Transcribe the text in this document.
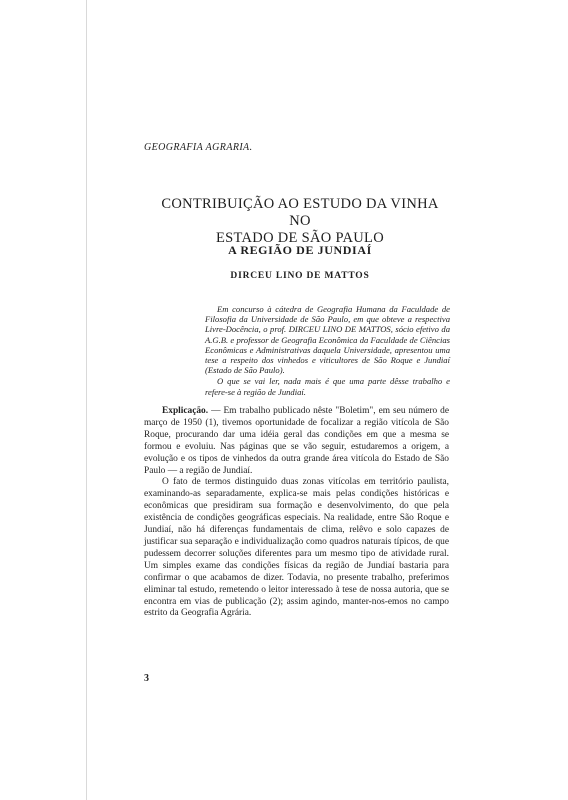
GEOGRAFIA AGRARIA.
CONTRIBUIÇÃO AO ESTUDO DA VINHA NO
ESTADO DE SÃO PAULO
A REGIÃO DE JUNDIAÍ
DIRCEU LINO DE MATTOS

Em concurso à cátedra de Geografia Humana da Faculdade de Filosofia da Universidade de São Paulo, em que obteve a respectiva Livre-Docência, o prof. DIRCEU LINO DE MATTOS, sócio efetivo da A.G.B. e professor de Geografia Econômica da Faculdade de Ciências Econômicas e Administrativas daquela Universidade, apresentou uma tese a respeito dos vinhedos e viticultores de São Roque e Jundiaí (Estado de São Paulo).

O que se vai ler, nada mais é que uma parte dêsse trabalho e refere-se à região de Jundiaí.

Explicação. — Em trabalho publicado nêste "Boletim", em seu número de março de 1950 (1), tivemos oportunidade de focalizar a região vitícola de São Roque, procurando dar uma idéia geral das condições em que a mesma se formou e evoluiu. Nas páginas que se vão seguir, estudaremos a origem, a evolução e os tipos de vinhedos da outra grande área vitícola do Estado de São Paulo — a região de Jundiaí.

O fato de termos distinguido duas zonas vitícolas em território paulista, examinando-as separadamente, explica-se mais pelas condições históricas e econômicas que presidiram sua formação e desenvolvimento, do que pela existência de condições geográficas especiais. Na realidade, entre São Roque e Jundiaí, não há diferenças fundamentais de clima, relêvo e solo capazes de justificar sua separação e individualização como quadros naturais típicos, de que pudessem decorrer soluções diferentes para um mesmo tipo de atividade rural. Um simples exame das condições físicas da região de Jundiaí bastaria para confirmar o que acabamos de dizer. Todavia, no presente trabalho, preferimos eliminar tal estudo, remetendo o leitor interessado à tese de nossa autoria, que se encontra em vias de publicação (2); assim agindo, manter-nos-emos no campo estrito da Geografia Agrária.

3
